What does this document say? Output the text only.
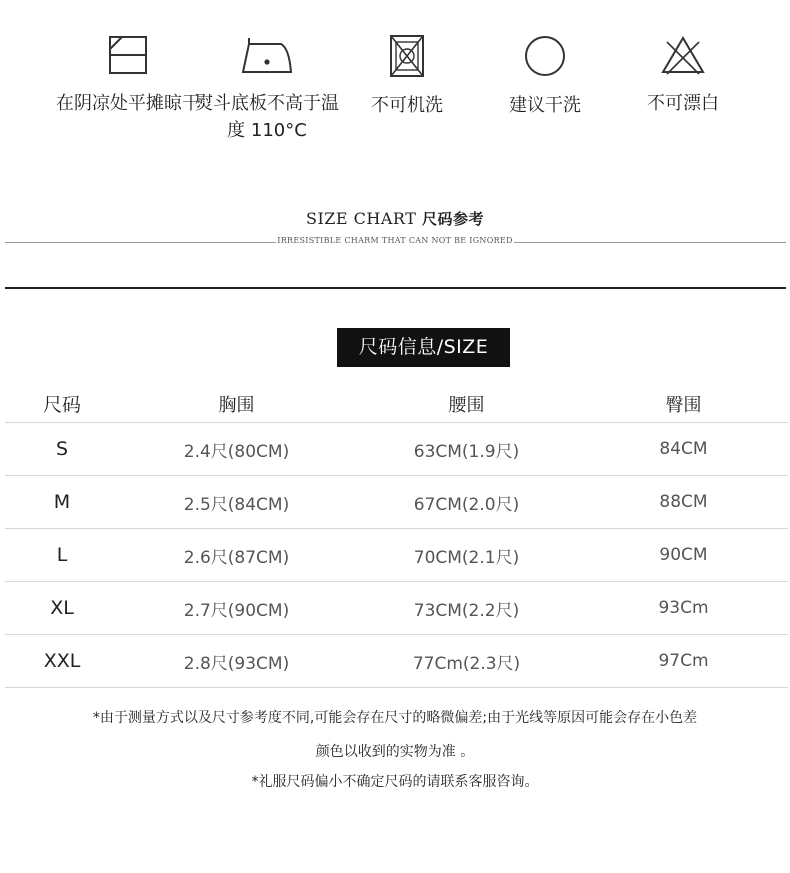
在阴凉处平摊晾干
熨斗底板不高于温度 110°C
不可机洗	建议干洗	不可漂白
SIZE CHART 尺码参考
IRRESISTIBLE CHARM THAT CAN NOT BE IGNORED
尺码信息/SIZE
尺码	胸围	腰围	臀围
S	2.4尺(80CM)	63CM(1.9尺)	84CM
M	2.5尺(84CM)	67CM(2.0尺)	88CM
L	2.6尺(87CM)	70CM(2.1尺)	90CM
XL	2.7尺(90CM)	73CM(2.2尺)	93Cm
XXL	2.8尺(93CM)	77Cm(2.3尺)	97Cm
*由于测量方式以及尺寸参考度不同,可能会存在尺寸的略微偏差;由于光线等原因可能会存在小色差
颜色以收到的实物为准 。
*礼服尺码偏小不确定尺码的请联系客服咨询。
